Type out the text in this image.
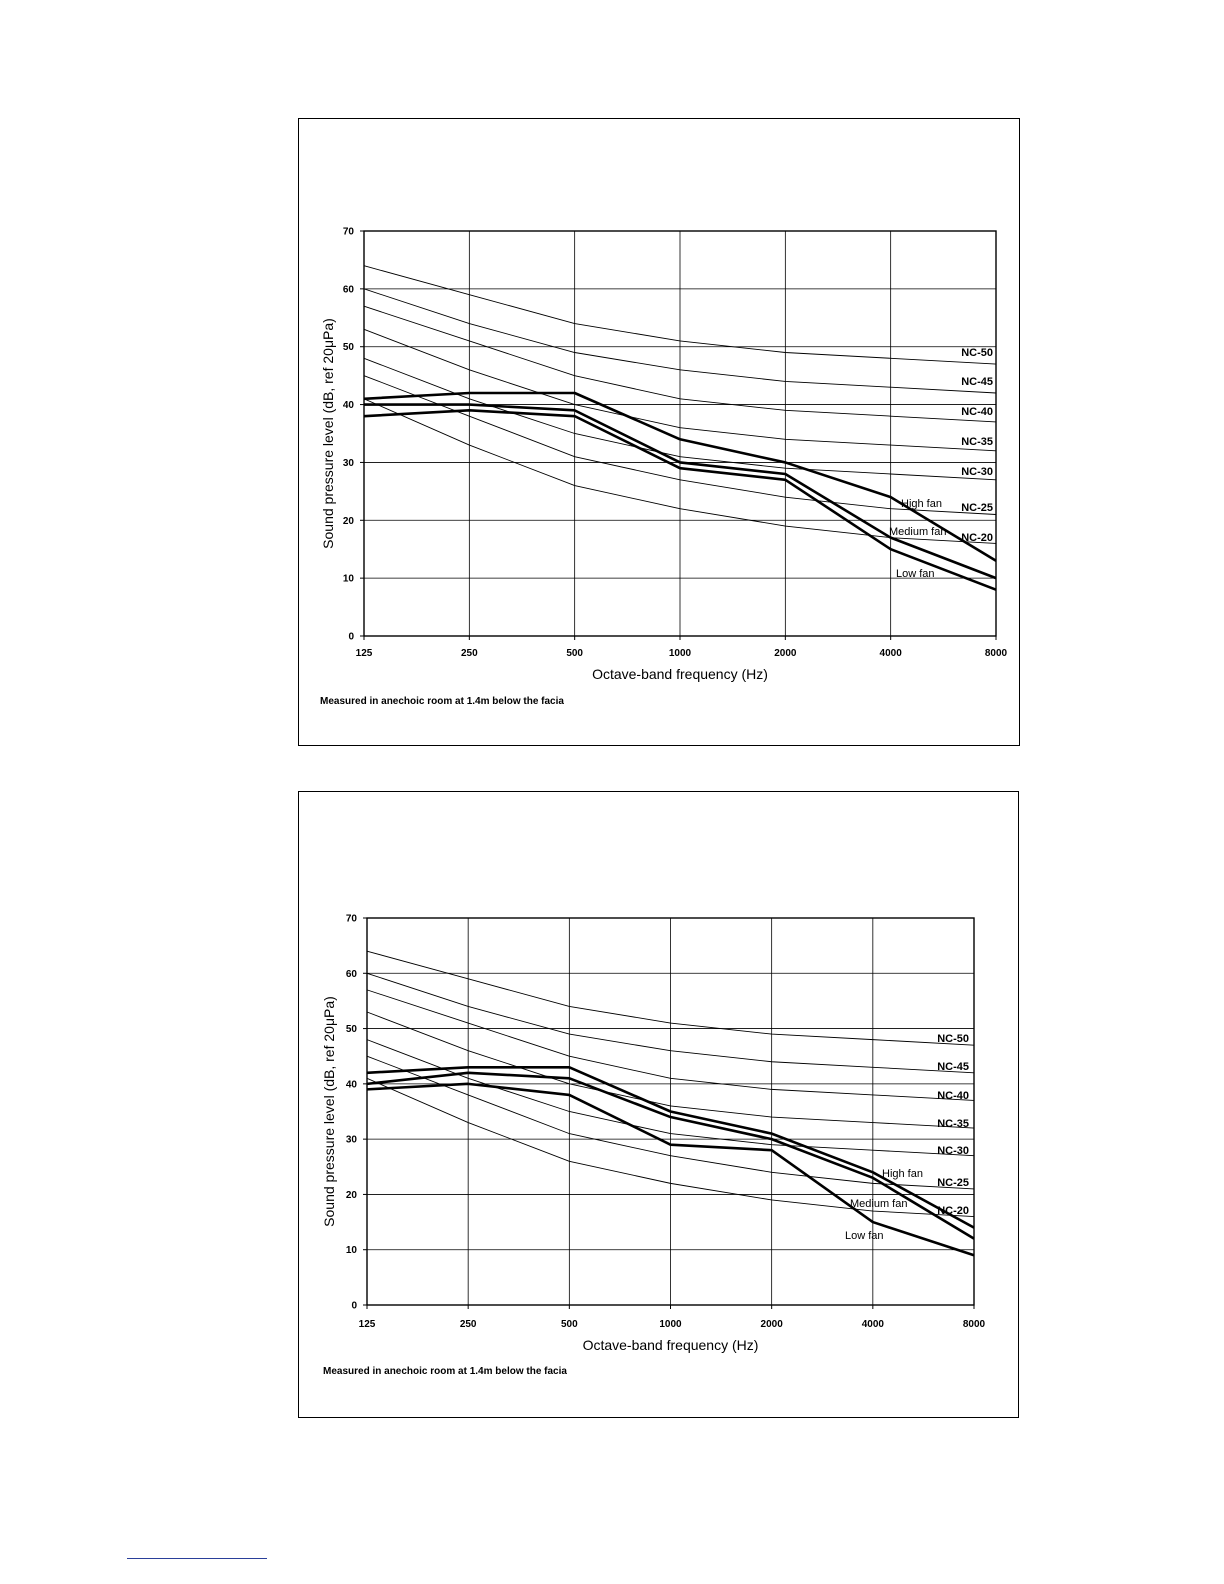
0
10
20
30
40
50
60
70
125	250	500	1000	2000	4000	8000
NC-50
NC-45
NC-40
NC-35
NC-30
NC-25
NC-20
High fan
Medium fan
Low fan
Octave-band frequency (Hz)
Sound pressure level (dB, ref 20μPa)
Measured in anechoic room at 1.4m below the facia
0
10
20
30
40
50
60
70
125	250	500	1000	2000	4000	8000
NC-50
NC-45
NC-40
NC-35
NC-30
NC-25
NC-20
High fan
Medium fan
Low fan
Octave-band frequency (Hz)
Sound pressure level (dB, ref 20μPa)
Measured in anechoic room at 1.4m below the facia
